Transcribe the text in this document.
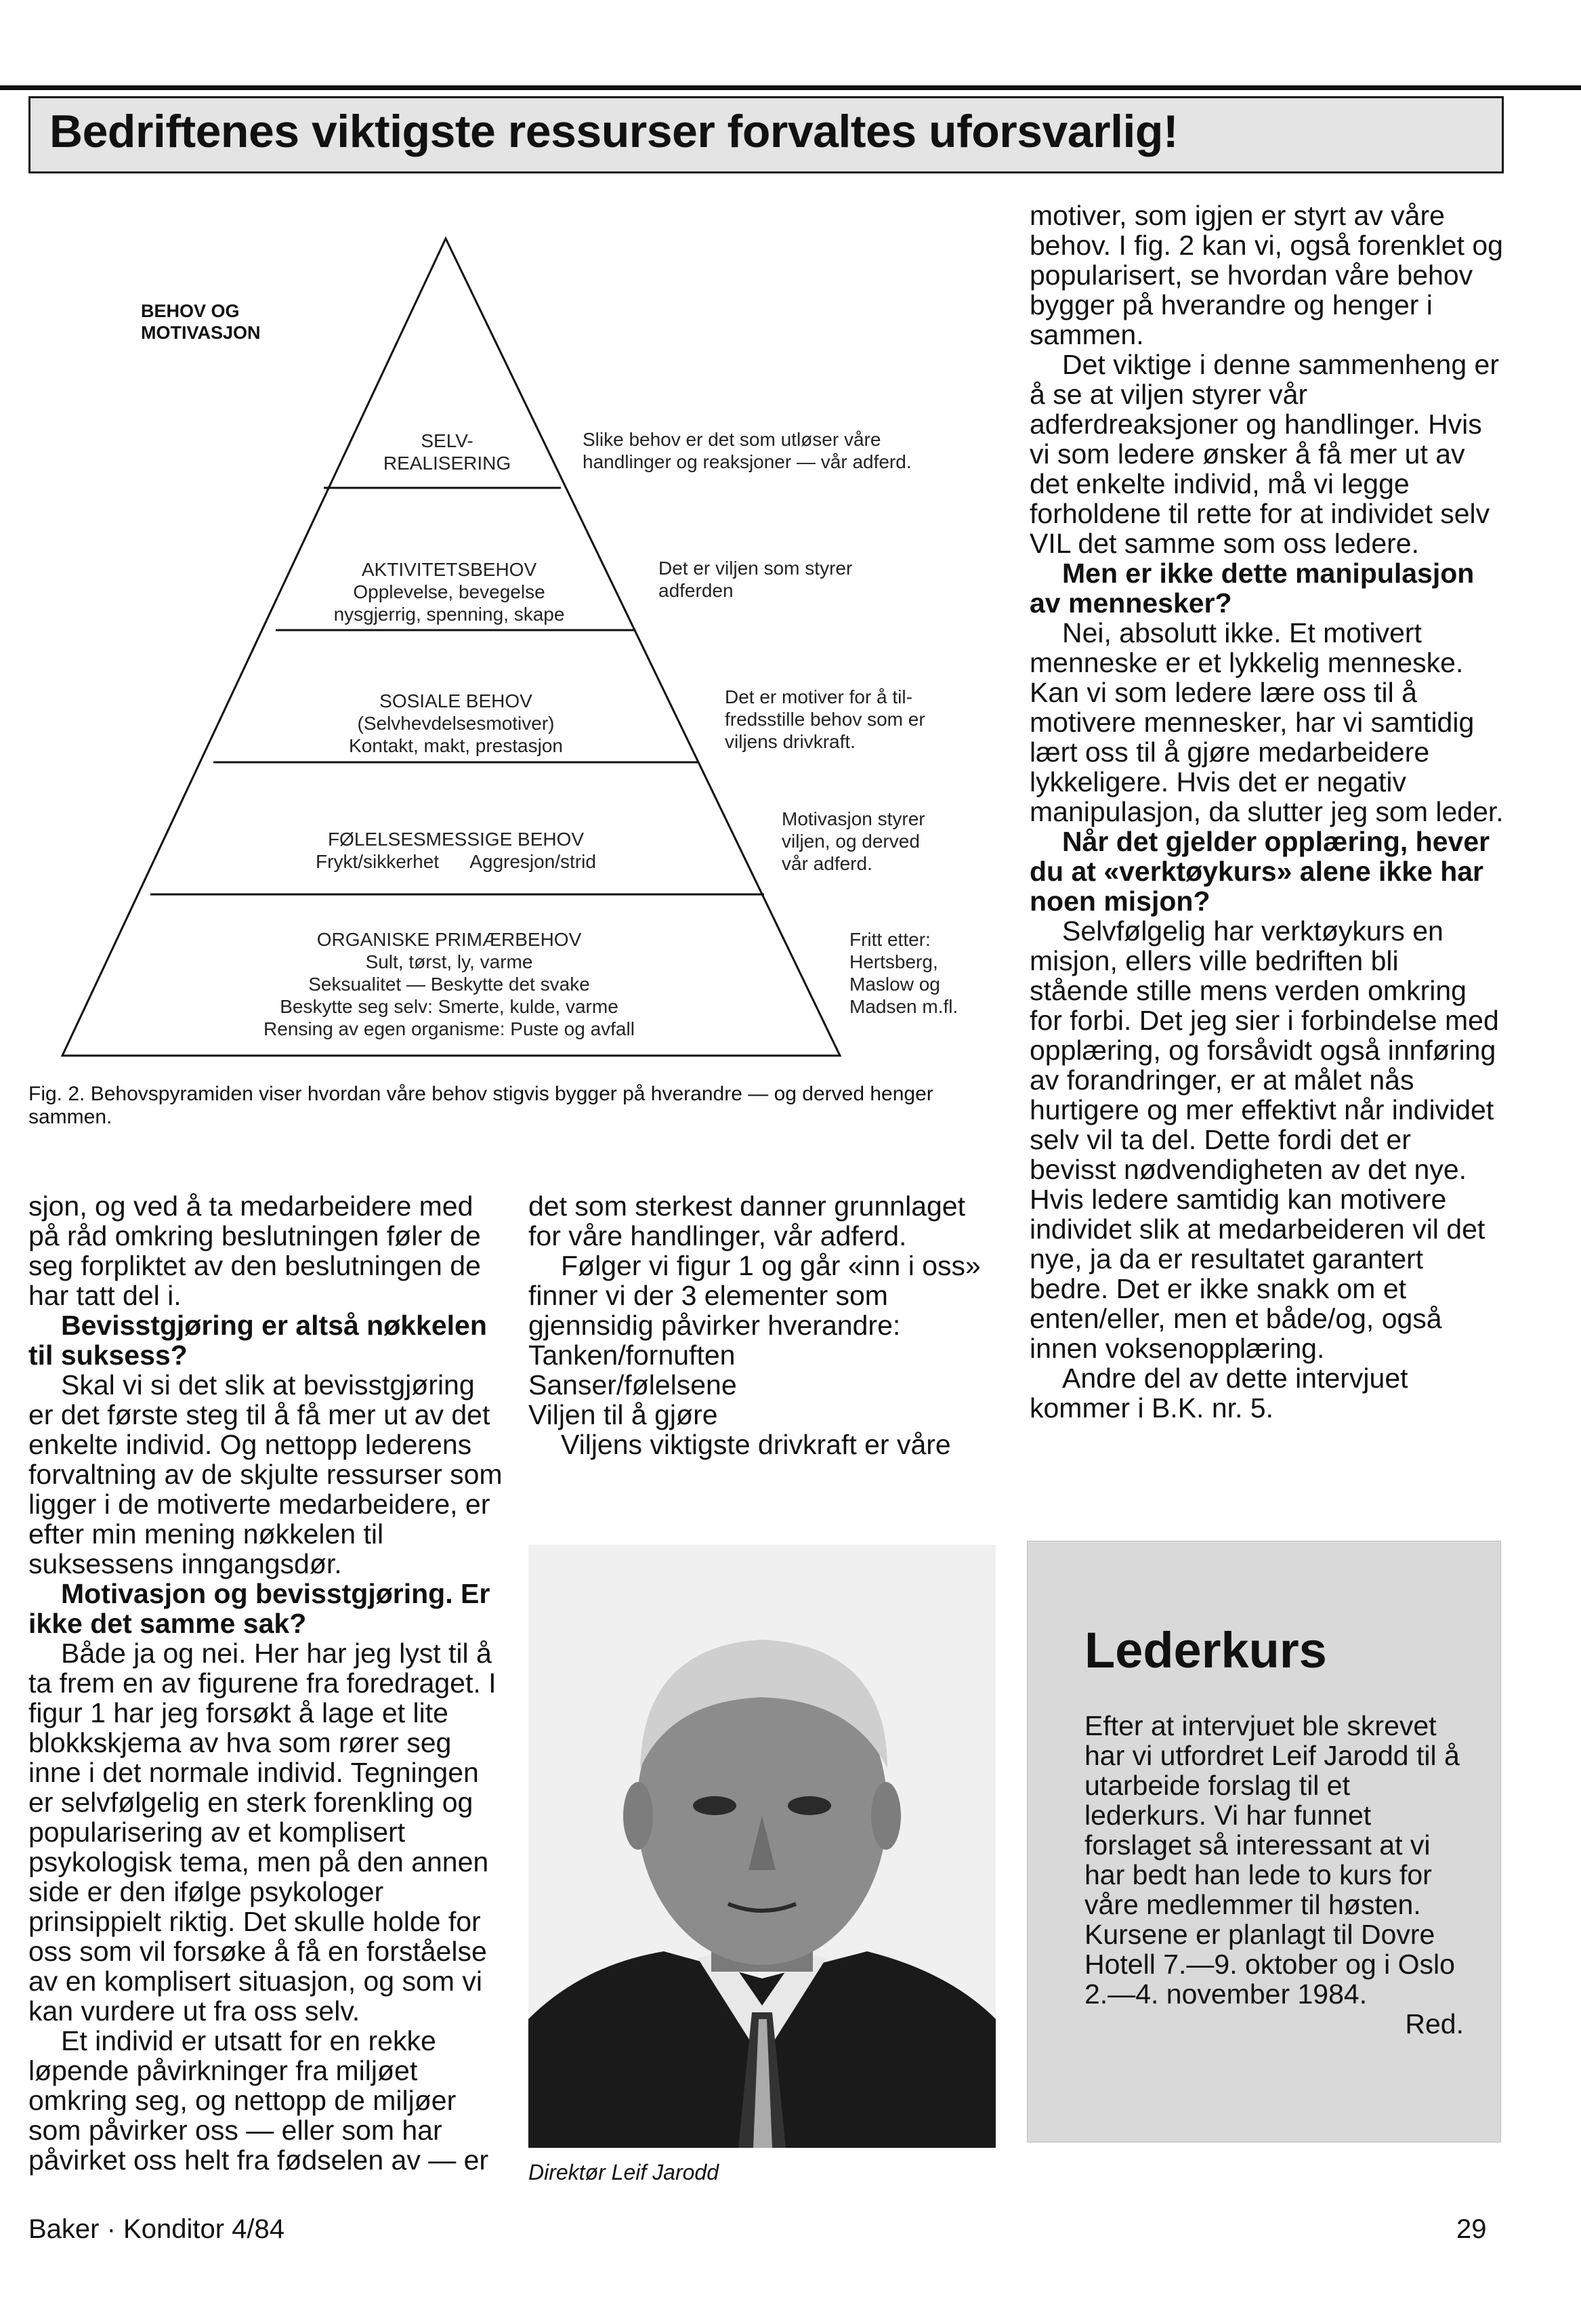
Bedriftenes viktigste ressurser forvaltes uforsvarlig!
BEHOV OG
MOTIVASJON
SELV-
REALISERING
AKTIVITETSBEHOV
Opplevelse, bevegelse
nysgjerrig, spenning, skape
SOSIALE BEHOV
(Selvhevdelsesmotiver)
Kontakt, makt, prestasjon
FØLELSESMESSIGE BEHOV
Frykt/sikkerhet      Aggresjon/strid
ORGANISKE PRIMÆRBEHOV
Sult, tørst, ly, varme
Seksualitet — Beskytte det svake
Beskytte seg selv: Smerte, kulde, varme
Rensing av egen organisme: Puste og avfall
Slike behov er det som utløser våre
handlinger og reaksjoner — vår adferd.
Det er viljen som styrer
adferden
Det er motiver for å til-
fredsstille behov som er
viljens drivkraft.
Motivasjon styrer
viljen, og derved
vår adferd.
Fritt etter:
Hertsberg,
Maslow og
Madsen m.fl.
Fig. 2. Behovspyramiden viser hvordan våre behov stigvis bygger på hverandre — og derved henger sammen.

sjon, og ved å ta medarbeidere med på råd omkring beslutningen føler de seg forpliktet av den beslutningen de har tatt del i.

Bevisstgjøring er altså nøkkelen til suksess?

Skal vi si det slik at bevisstgjøring er det første steg til å få mer ut av det enkelte individ. Og nettopp lederens forvaltning av de skjulte ressurser som ligger i de motiverte medarbeidere, er efter min mening nøkkelen til suksessens inngangsdør.

Motivasjon og bevisstgjøring. Er ikke det samme sak?

Både ja og nei. Her har jeg lyst til å ta frem en av figurene fra foredraget. I figur 1 har jeg forsøkt å lage et lite blokkskjema av hva som rører seg inne i det normale individ. Tegningen er selvfølgelig en sterk forenkling og popularisering av et komplisert psykologisk tema, men på den annen side er den ifølge psykologer prinsippielt riktig. Det skulle holde for oss som vil forsøke å få en forståelse av en komplisert situasjon, og som vi kan vurdere ut fra oss selv.

Et individ er utsatt for en rekke løpende påvirkninger fra miljøet omkring seg, og nettopp de miljøer som påvirker oss — eller som har påvirket oss helt fra fødselen av — er

det som sterkest danner grunnlaget for våre handlinger, vår adferd.

Følger vi figur 1 og går «inn i oss» finner vi der 3 elementer som gjennsidig påvirker hverandre:

Tanken/fornuften

Sanser/følelsene

Viljen til å gjøre

Viljens viktigste drivkraft er våre

motiver, som igjen er styrt av våre behov. I fig. 2 kan vi, også forenklet og popularisert, se hvordan våre behov bygger på hverandre og henger i sammen.

Det viktige i denne sammenheng er å se at viljen styrer vår adferdreaksjoner og handlinger. Hvis vi som ledere ønsker å få mer ut av det enkelte individ, må vi legge forholdene til rette for at individet selv VIL det samme som oss ledere.

Men er ikke dette manipulasjon av mennesker?

Nei, absolutt ikke. Et motivert menneske er et lykkelig menneske. Kan vi som ledere lære oss til å motivere mennesker, har vi samtidig lært oss til å gjøre medarbeidere lykkeligere. Hvis det er negativ manipulasjon, da slutter jeg som leder.

Når det gjelder opplæring, hever du at «verktøykurs» alene ikke har noen misjon?

Selvfølgelig har verktøykurs en misjon, ellers ville bedriften bli stående stille mens verden omkring for forbi. Det jeg sier i forbindelse med opplæring, og forsåvidt også innføring av forandringer, er at målet nås hurtigere og mer effektivt når individet selv vil ta del. Dette fordi det er bevisst nødvendigheten av det nye. Hvis ledere samtidig kan motivere individet slik at medarbeideren vil det nye, ja da er resultatet garantert bedre. Det er ikke snakk om et enten/eller, men et både/og, også innen voksenopplæring.

Andre del av dette intervjuet kommer i B.K. nr. 5.

Direktør Leif Jarodd
Lederkurs
Efter at intervjuet ble skrevet har vi utfordret Leif Jarodd til å utarbeide forslag til et lederkurs. Vi har funnet forslaget så interessant at vi har bedt han lede to kurs for våre medlemmer til høsten. Kursene er planlagt til Dovre Hotell 7.—9. oktober og i Oslo 2.—4. november 1984.
Red.
Baker · Konditor 4/84	29
